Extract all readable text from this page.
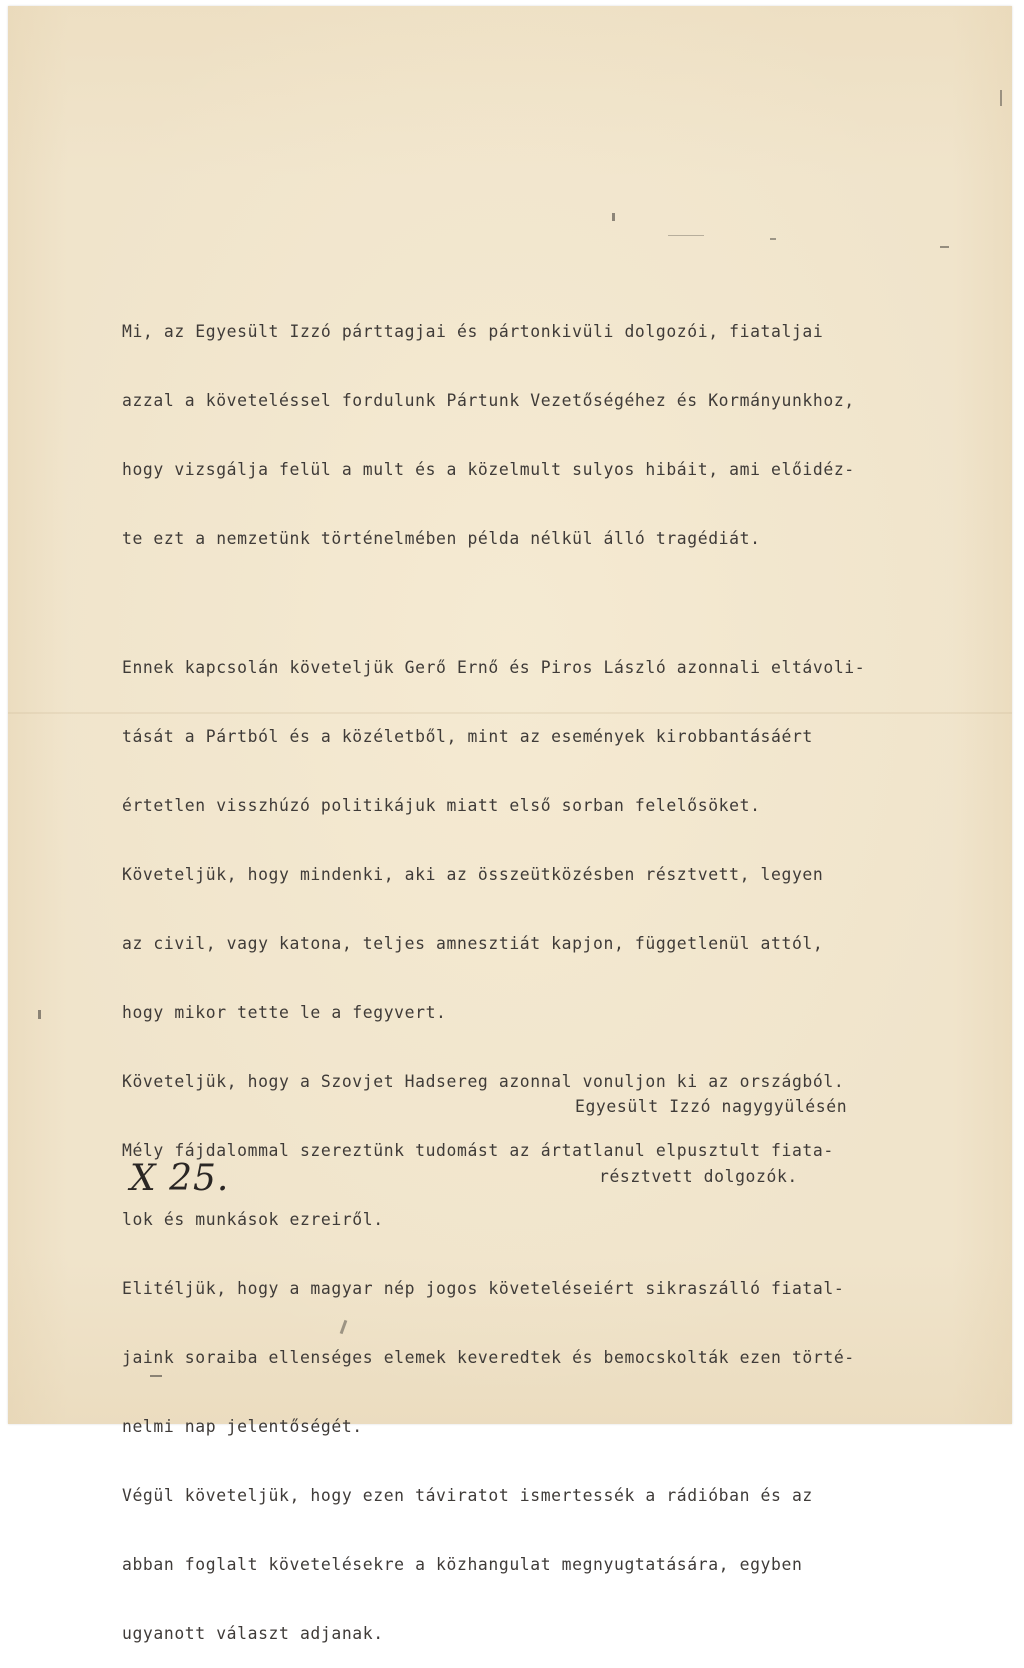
Mi, az Egyesült Izzó párttagjai és pártonkivüli dolgozói, fiataljai

azzal a követeléssel fordulunk Pártunk Vezetőségéhez és Kormányunkhoz,

hogy vizsgálja felül a mult és a közelmult sulyos hibáit, ami előidéz-

te ezt a nemzetünk történelmében példa nélkül álló tragédiát.

Ennek kapcsolán követeljük Gerő Ernő és Piros László azonnali eltávoli-

tását a Pártból és a közéletből, mint az események kirobbantásáért

értetlen visszhúzó politikájuk miatt első sorban felelősöket.

Követeljük, hogy mindenki, aki az összeütközésben résztvett, legyen

az civil, vagy katona, teljes amnesztiát kapjon, függetlenül attól,

hogy mikor tette le a fegyvert.

Követeljük, hogy a Szovjet Hadsereg azonnal vonuljon ki az országból.

Mély fájdalommal szereztünk tudomást az ártatlanul elpusztult fiata-

lok és munkások ezreiről.

Elitéljük, hogy a magyar nép jogos követeléseiért sikraszálló fiatal-

jaink soraiba ellenséges elemek keveredtek és bemocskolták ezen törté-

nelmi nap jelentőségét.

Végül követeljük, hogy ezen táviratot ismertessék a rádióban és az

abban foglalt követelésekre a közhangulat megnyugtatására, egyben

ugyanott választ adjanak.

Egyesült Izzó nagygyülésén

résztvett dolgozók.

X 25.
